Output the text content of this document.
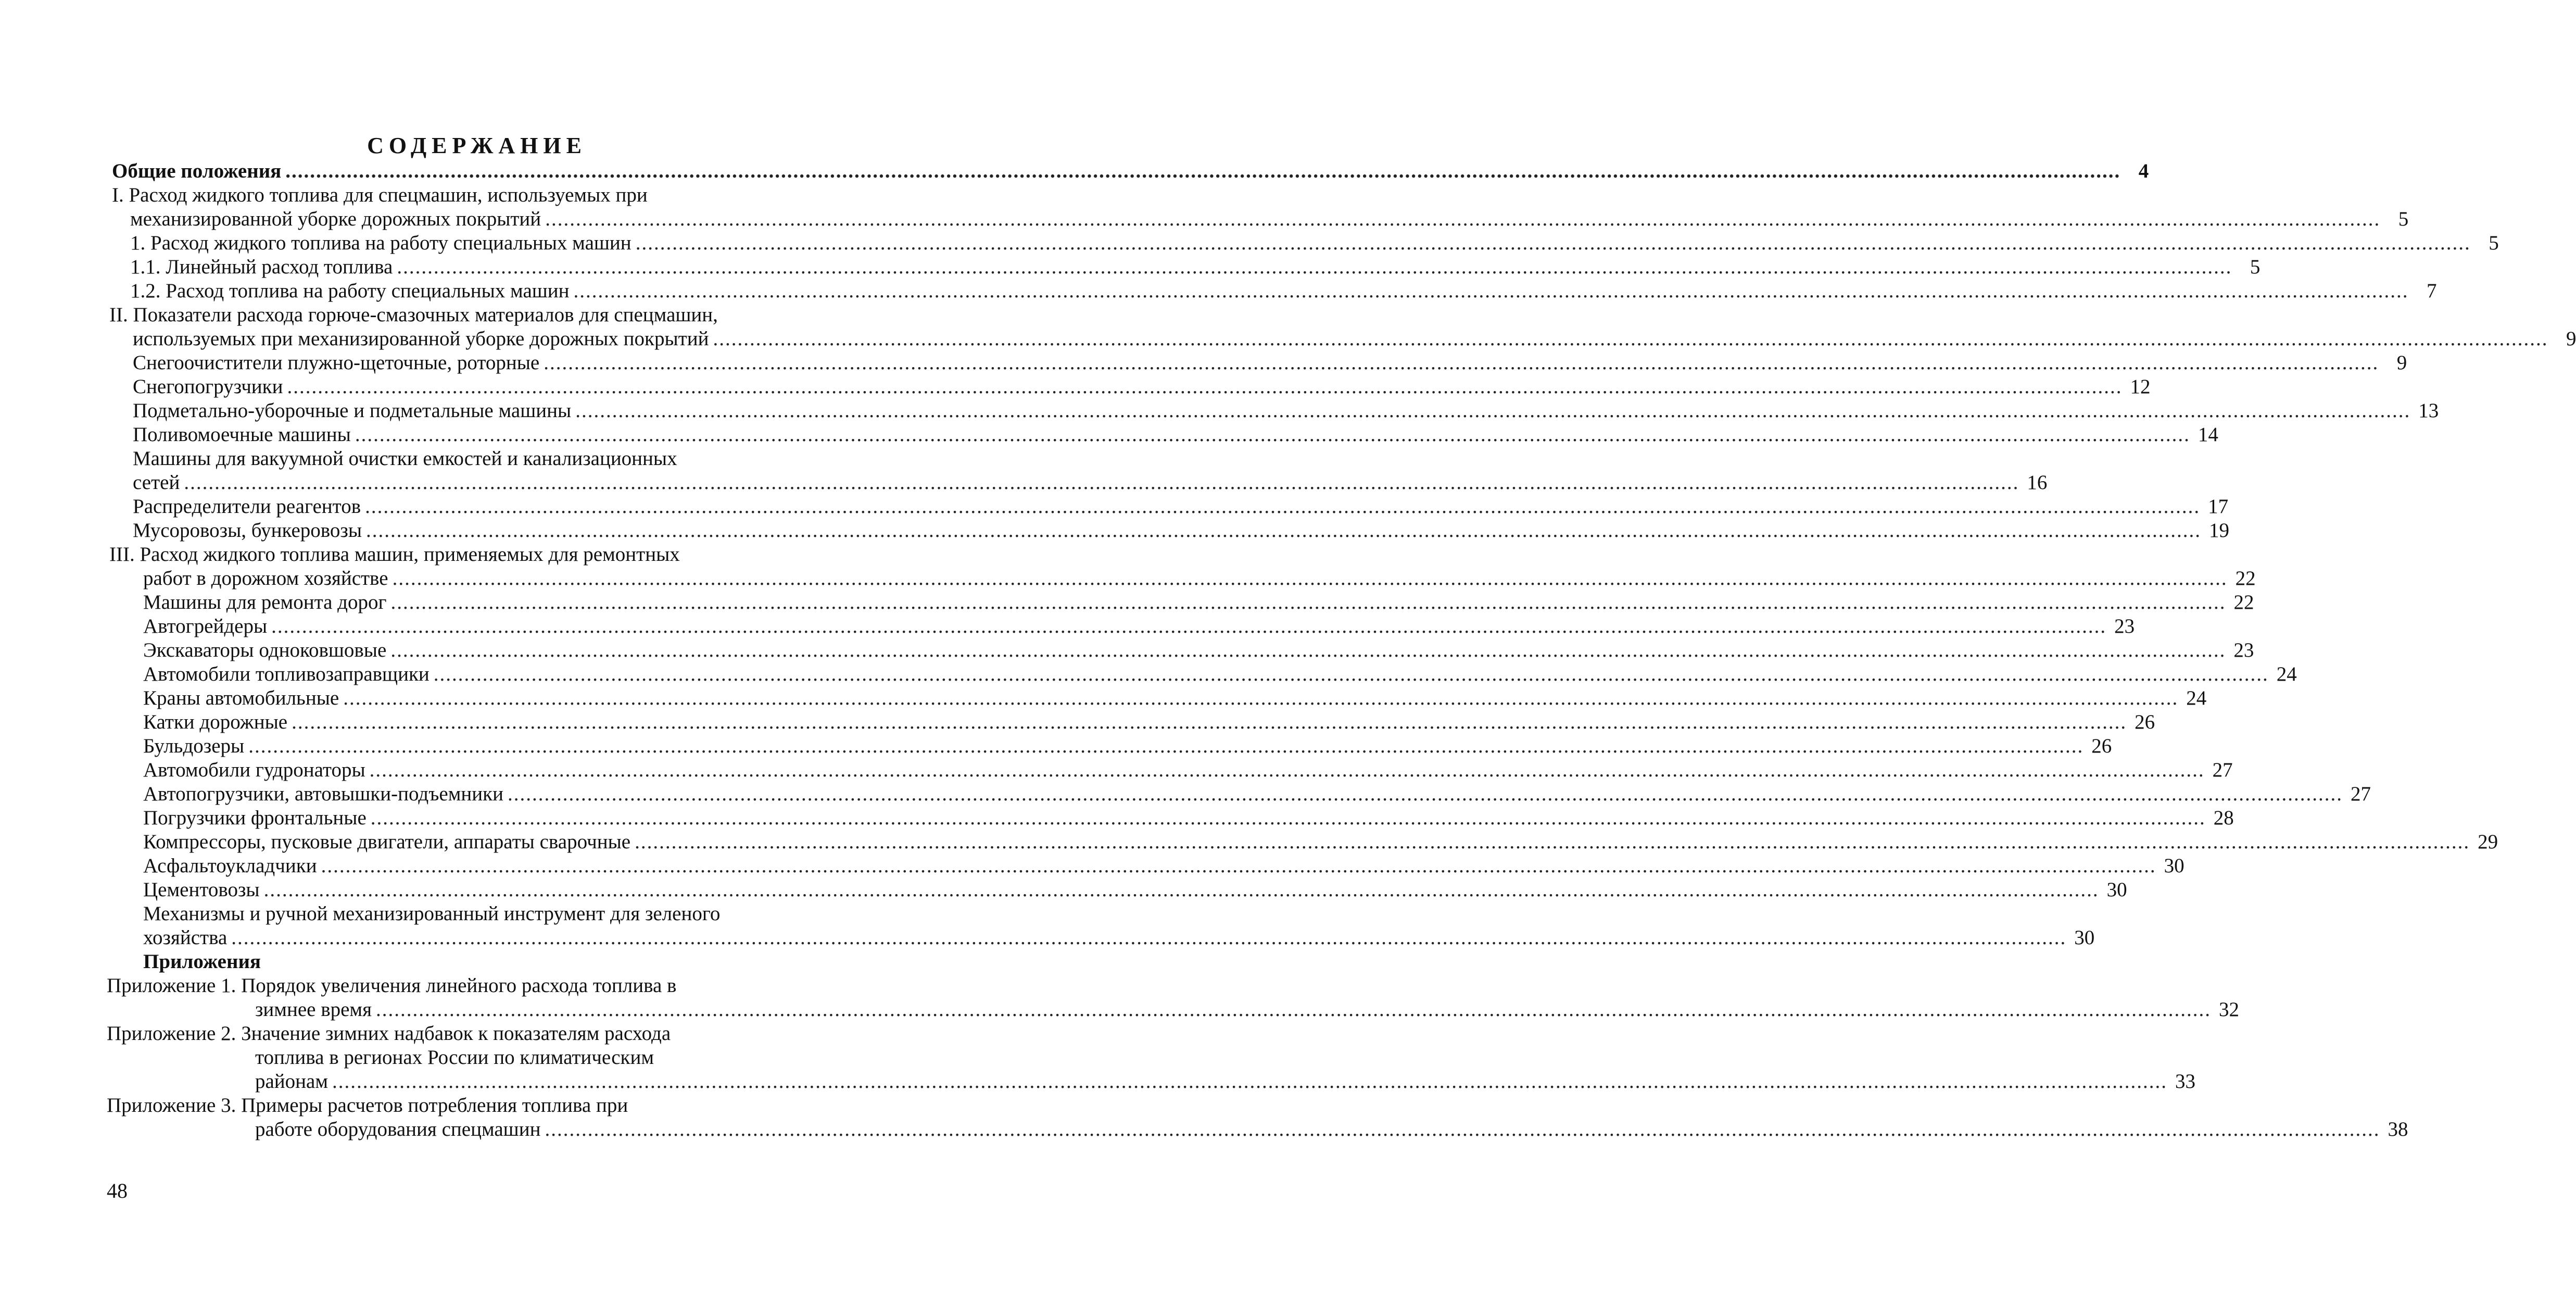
СОДЕРЖАНИЕ
Общие положения ............................................................................................................................................................................................................................................................................................................ 4
I. Расход жидкого топлива для спецмашин, используемых при
механизированной уборке дорожных покрытий ............................................................................................................................................................................................................................................................................................................ 5
1. Расход жидкого топлива на работу специальных машин ............................................................................................................................................................................................................................................................................................................ 5
1.1. Линейный расход топлива ............................................................................................................................................................................................................................................................................................................ 5
1.2. Расход топлива на работу специальных машин ............................................................................................................................................................................................................................................................................................................ 7
II. Показатели расхода горюче-смазочных материалов для спецмашин,
используемых при механизированной уборке дорожных покрытий ............................................................................................................................................................................................................................................................................................................ 9
Снегоочистители плужно-щеточные, роторные ............................................................................................................................................................................................................................................................................................................ 9
Снегопогрузчики ............................................................................................................................................................................................................................................................................................................ 12
Подметально-уборочные и подметальные машины ............................................................................................................................................................................................................................................................................................................ 13
Поливомоечные машины ............................................................................................................................................................................................................................................................................................................ 14
Машины для вакуумной очистки емкостей и канализационных
сетей ............................................................................................................................................................................................................................................................................................................ 16
Распределители реагентов ............................................................................................................................................................................................................................................................................................................ 17
Мусоровозы, бункеровозы ............................................................................................................................................................................................................................................................................................................ 19
III. Расход жидкого топлива машин, применяемых для ремонтных
работ в дорожном хозяйстве ............................................................................................................................................................................................................................................................................................................ 22
Машины для ремонта дорог ............................................................................................................................................................................................................................................................................................................ 22
Автогрейдеры ............................................................................................................................................................................................................................................................................................................ 23
Экскаваторы одноковшовые ............................................................................................................................................................................................................................................................................................................ 23
Автомобили топливозаправщики ............................................................................................................................................................................................................................................................................................................ 24
Краны автомобильные ............................................................................................................................................................................................................................................................................................................ 24
Катки дорожные ............................................................................................................................................................................................................................................................................................................ 26
Бульдозеры ............................................................................................................................................................................................................................................................................................................ 26
Автомобили гудронаторы ............................................................................................................................................................................................................................................................................................................ 27
Автопогрузчики, автовышки-подъемники ............................................................................................................................................................................................................................................................................................................ 27
Погрузчики фронтальные ............................................................................................................................................................................................................................................................................................................ 28
Компрессоры, пусковые двигатели, аппараты сварочные ............................................................................................................................................................................................................................................................................................................ 29
Асфальтоукладчики ............................................................................................................................................................................................................................................................................................................ 30
Цементовозы ............................................................................................................................................................................................................................................................................................................ 30
Механизмы и ручной механизированный инструмент для зеленого
хозяйства ............................................................................................................................................................................................................................................................................................................ 30
Приложения
Приложение 1. Порядок увеличения линейного расхода топлива в
зимнее время ............................................................................................................................................................................................................................................................................................................ 32
Приложение 2. Значение зимних надбавок к показателям расхода
топлива в регионах России по климатическим
районам ............................................................................................................................................................................................................................................................................................................ 33
Приложение 3. Примеры расчетов потребления топлива при
работе оборудования спецмашин ............................................................................................................................................................................................................................................................................................................ 38
48
